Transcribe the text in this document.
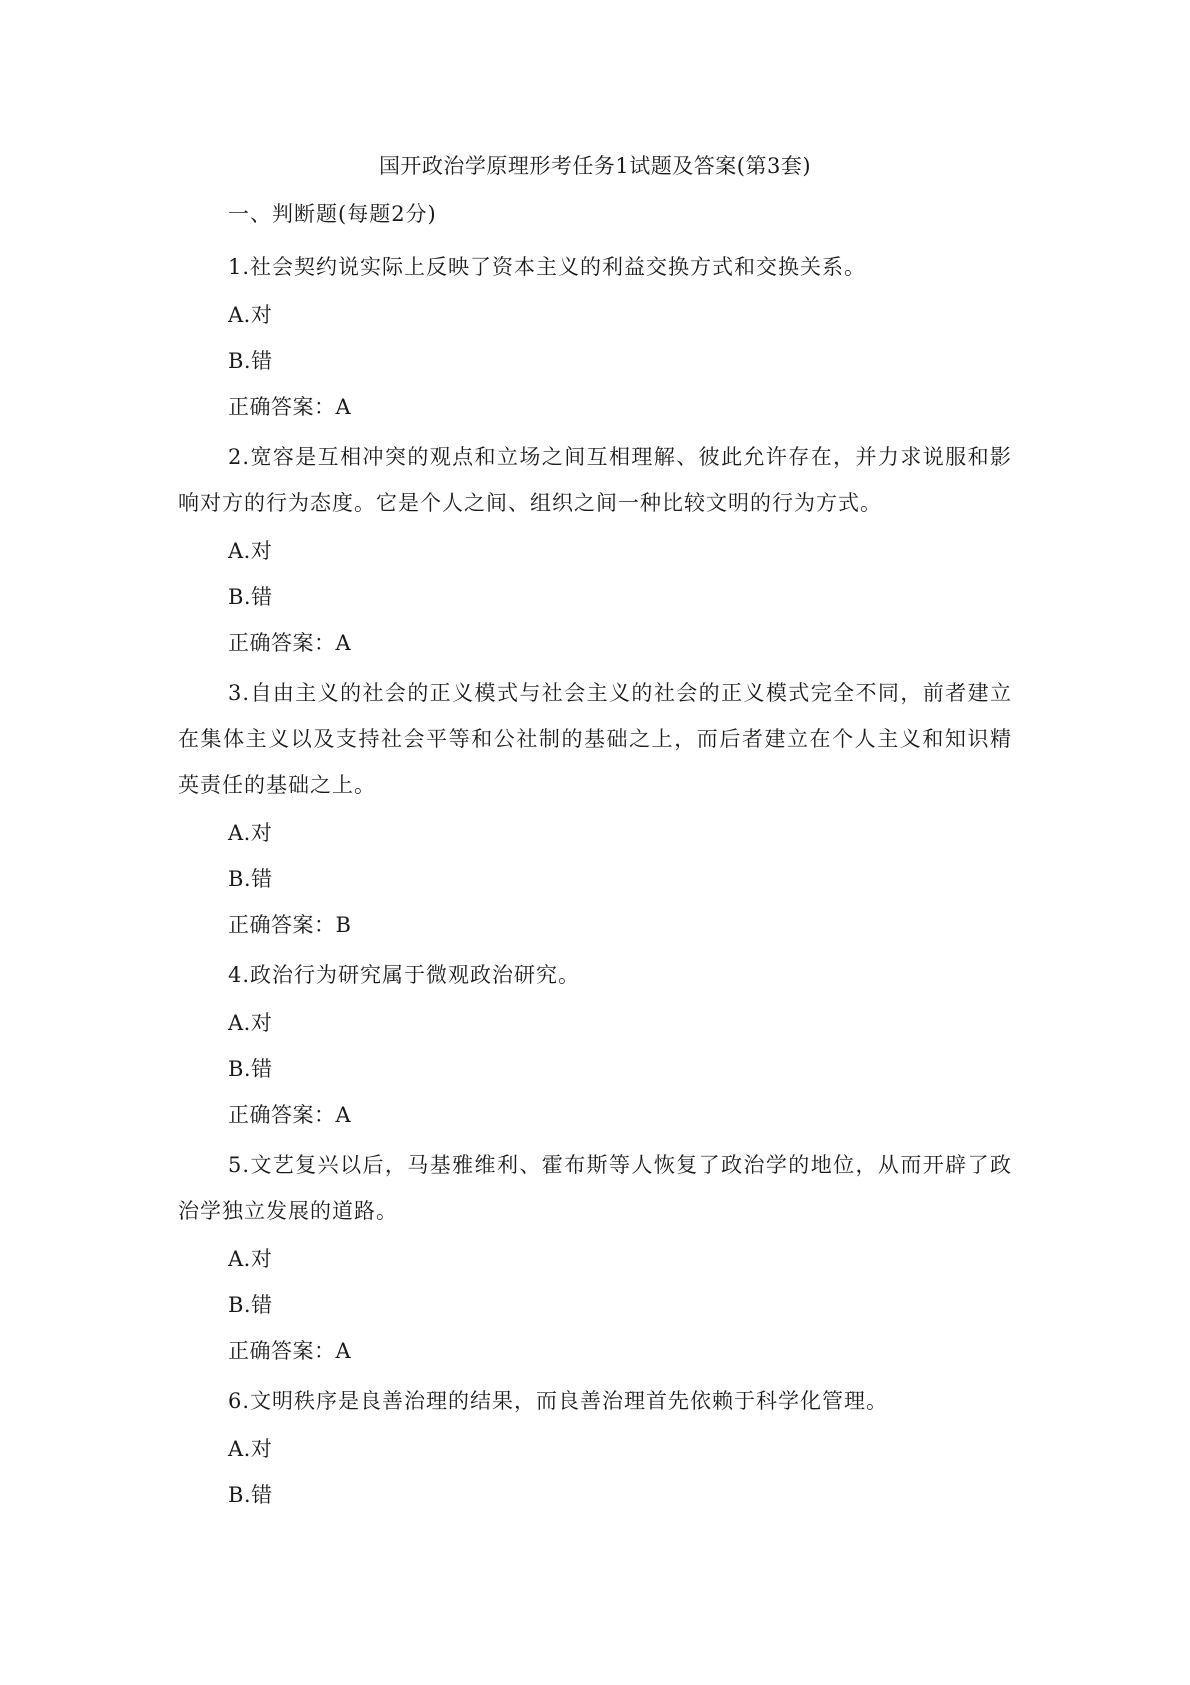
国开政治学原理形考任务1试题及答案(第3套)
一、判断题(每题2分)

1.社会契约说实际上反映了资本主义的利益交换方式和交换关系。

A.对

B.错

正确答案：A

2.宽容是互相冲突的观点和立场之间互相理解、彼此允许存在，并力求说服和影响对方的行为态度。它是个人之间、组织之间一种比较文明的行为方式。

A.对

B.错

正确答案：A

3.自由主义的社会的正义模式与社会主义的社会的正义模式完全不同，前者建立在集体主义以及支持社会平等和公社制的基础之上，而后者建立在个人主义和知识精英责任的基础之上。

A.对

B.错

正确答案：B

4.政治行为研究属于微观政治研究。

A.对

B.错

正确答案：A

5.文艺复兴以后，马基雅维利、霍布斯等人恢复了政治学的地位，从而开辟了政治学独立发展的道路。

A.对

B.错

正确答案：A

6.文明秩序是良善治理的结果，而良善治理首先依赖于科学化管理。

A.对

B.错
